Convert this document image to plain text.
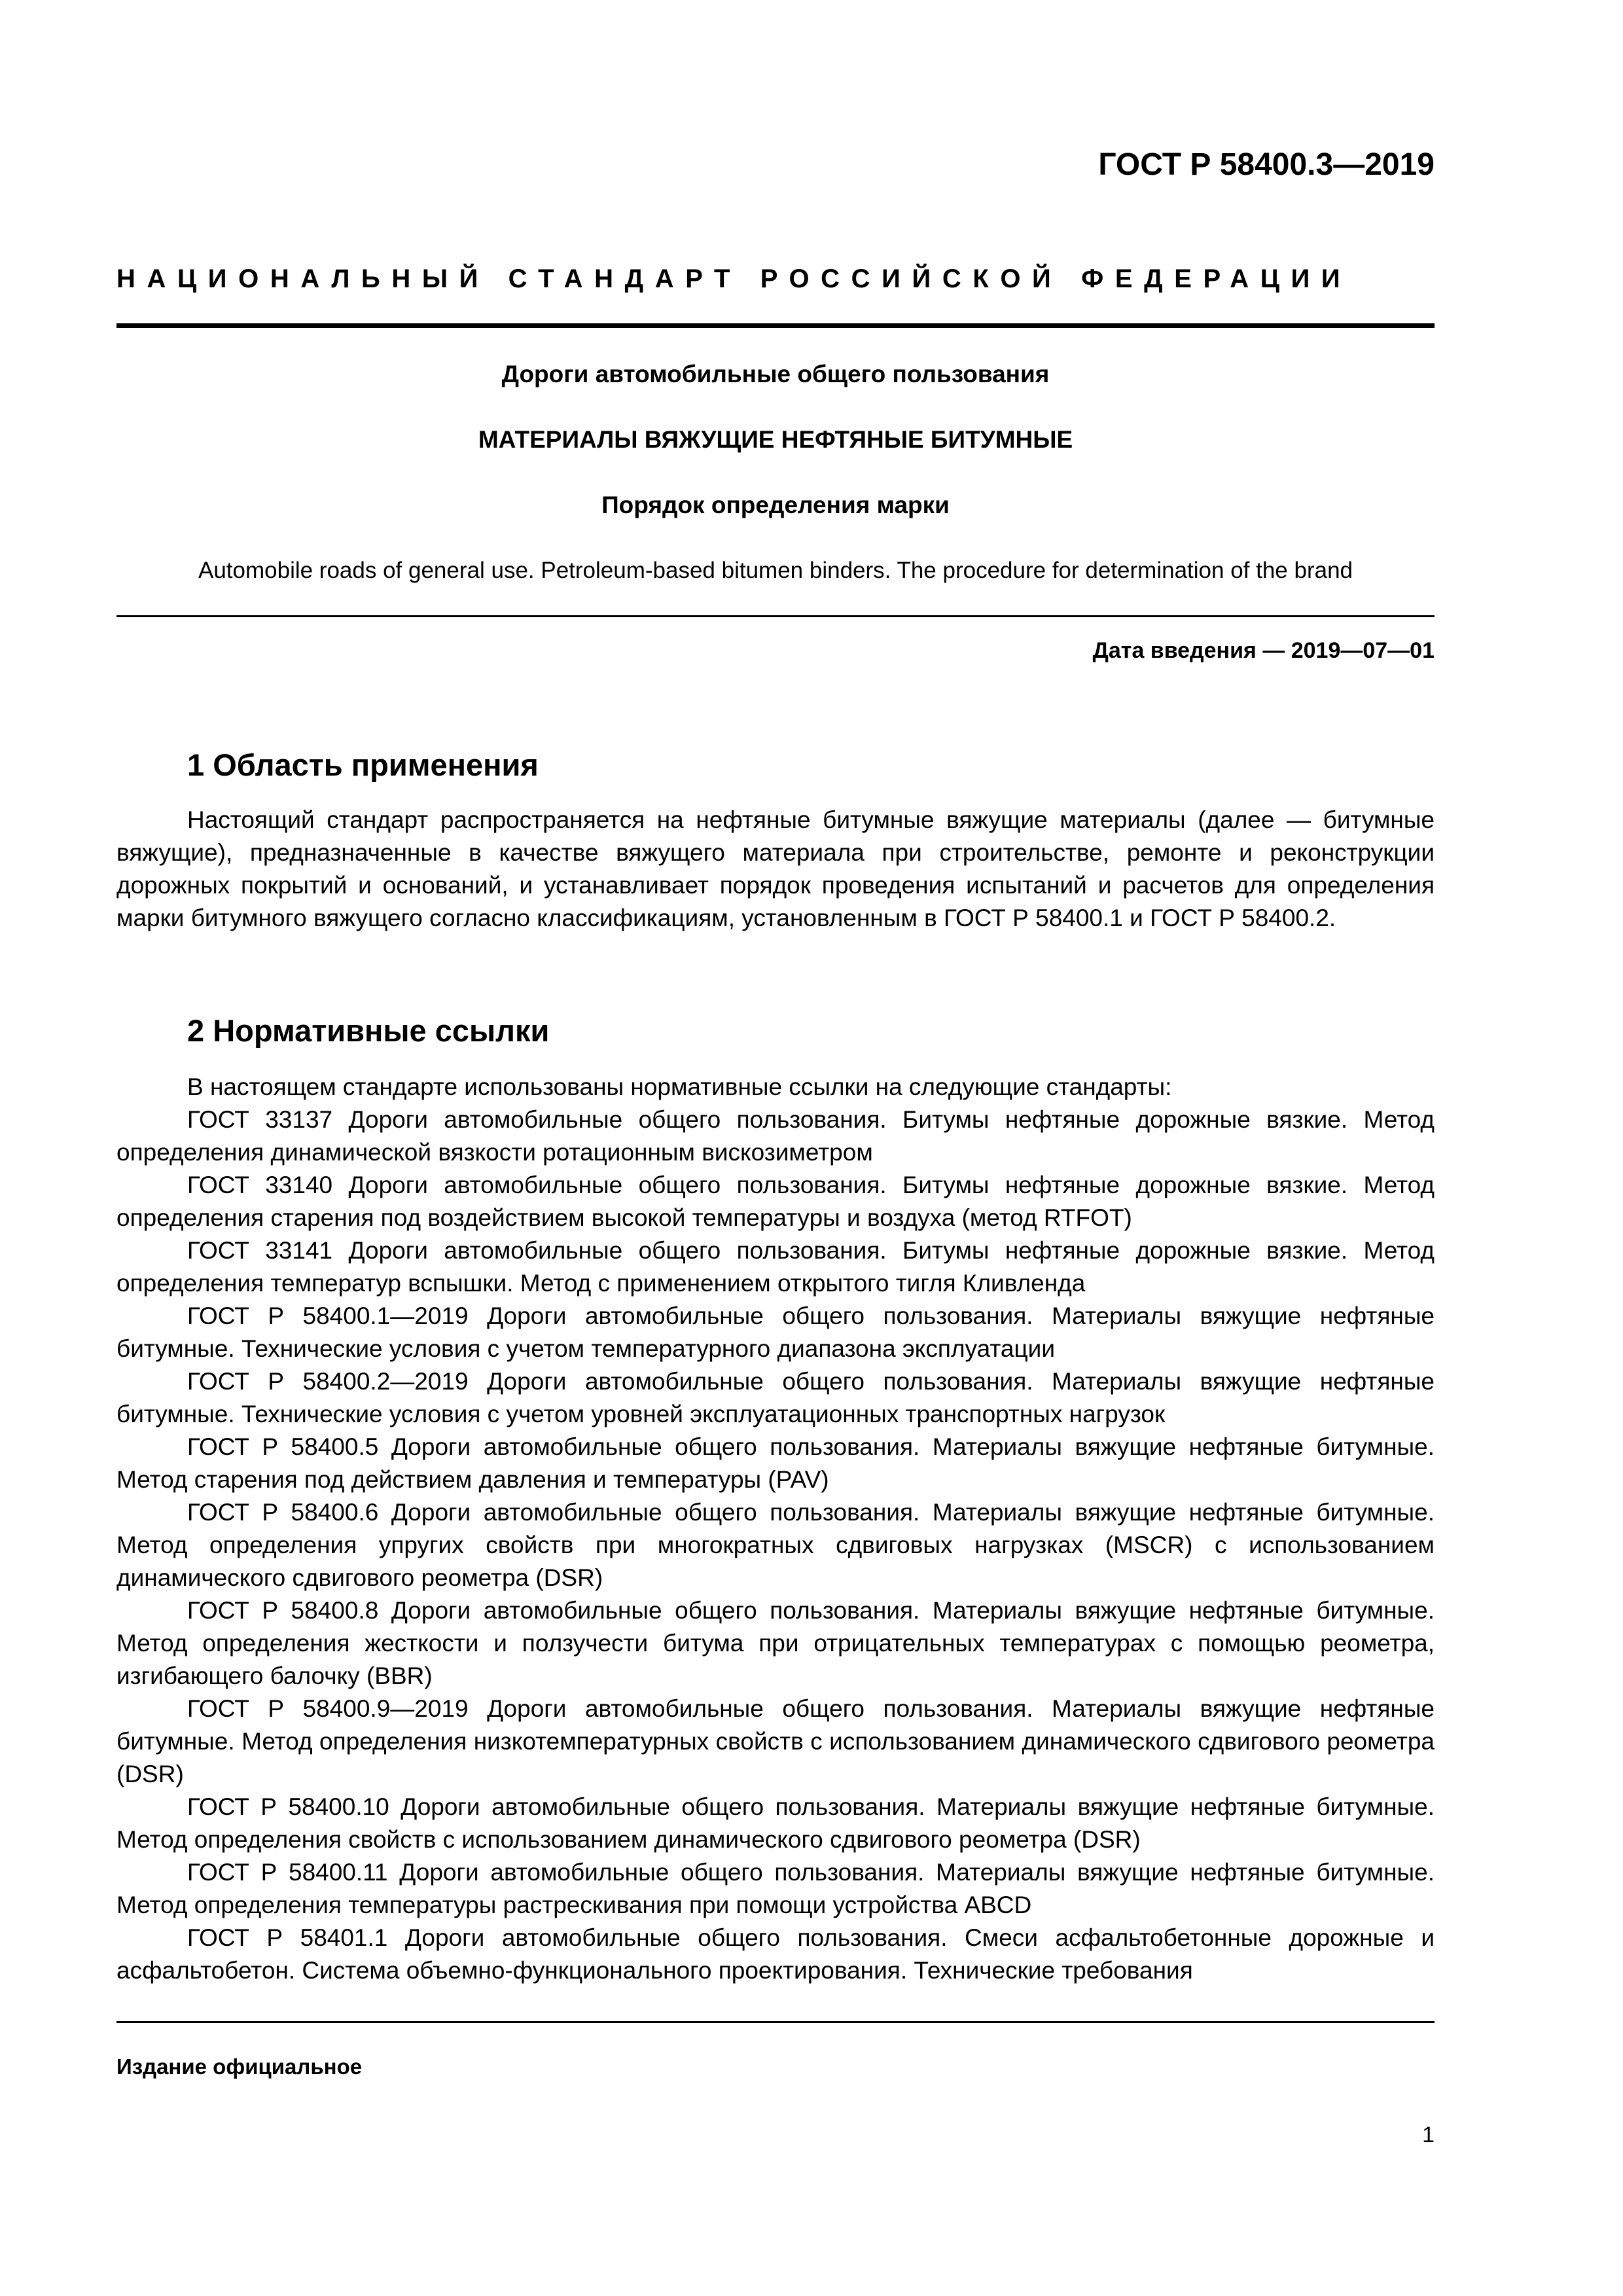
ГОСТ Р 58400.3—2019
НАЦИОНАЛЬНЫЙ СТАНДАРТ РОССИЙСКОЙ ФЕДЕРАЦИИ
Дороги автомобильные общего пользования
МАТЕРИАЛЫ ВЯЖУЩИЕ НЕФТЯНЫЕ БИТУМНЫЕ
Порядок определения марки
Automobile roads of general use. Petroleum-based bitumen binders. The procedure for determination of the brand
Дата введения — 2019—07—01
1 Область применения

Настоящий стандарт распространяется на нефтяные битумные вяжущие материалы (далее — битумные вяжущие), предназначенные в качестве вяжущего материала при строительстве, ремонте и реконструкции дорожных покрытий и оснований, и устанавливает порядок проведения испытаний и расчетов для определения марки битумного вяжущего согласно классификациям, установленным в ГОСТ Р 58400.1 и ГОСТ Р 58400.2.

2 Нормативные ссылки

В настоящем стандарте использованы нормативные ссылки на следующие стандарты:

ГОСТ 33137 Дороги автомобильные общего пользования. Битумы нефтяные дорожные вязкие. Метод определения динамической вязкости ротационным вискозиметром

ГОСТ 33140 Дороги автомобильные общего пользования. Битумы нефтяные дорожные вязкие. Метод определения старения под воздействием высокой температуры и воздуха (метод RTFOT)

ГОСТ 33141 Дороги автомобильные общего пользования. Битумы нефтяные дорожные вязкие. Метод определения температур вспышки. Метод с применением открытого тигля Кливленда

ГОСТ Р 58400.1—2019 Дороги автомобильные общего пользования. Материалы вяжущие нефтяные битумные. Технические условия с учетом температурного диапазона эксплуатации

ГОСТ Р 58400.2—2019 Дороги автомобильные общего пользования. Материалы вяжущие нефтяные битумные. Технические условия с учетом уровней эксплуатационных транспортных нагрузок

ГОСТ Р 58400.5 Дороги автомобильные общего пользования. Материалы вяжущие нефтяные битумные. Метод старения под действием давления и температуры (PAV)

ГОСТ Р 58400.6 Дороги автомобильные общего пользования. Материалы вяжущие нефтяные битумные. Метод определения упругих свойств при многократных сдвиговых нагрузках (MSCR) с использованием динамического сдвигового реометра (DSR)

ГОСТ Р 58400.8 Дороги автомобильные общего пользования. Материалы вяжущие нефтяные битумные. Метод определения жесткости и ползучести битума при отрицательных температурах с помощью реометра, изгибающего балочку (BBR)

ГОСТ Р 58400.9—2019 Дороги автомобильные общего пользования. Материалы вяжущие нефтяные битумные. Метод определения низкотемпературных свойств с использованием динамического сдвигового реометра (DSR)

ГОСТ Р 58400.10 Дороги автомобильные общего пользования. Материалы вяжущие нефтяные битумные. Метод определения свойств с использованием динамического сдвигового реометра (DSR)

ГОСТ Р 58400.11 Дороги автомобильные общего пользования. Материалы вяжущие нефтяные битумные. Метод определения температуры растрескивания при помощи устройства ABCD

ГОСТ Р 58401.1 Дороги автомобильные общего пользования. Смеси асфальтобетонные дорожные и асфальтобетон. Система объемно-функционального проектирования. Технические требования

Издание официальное
1
